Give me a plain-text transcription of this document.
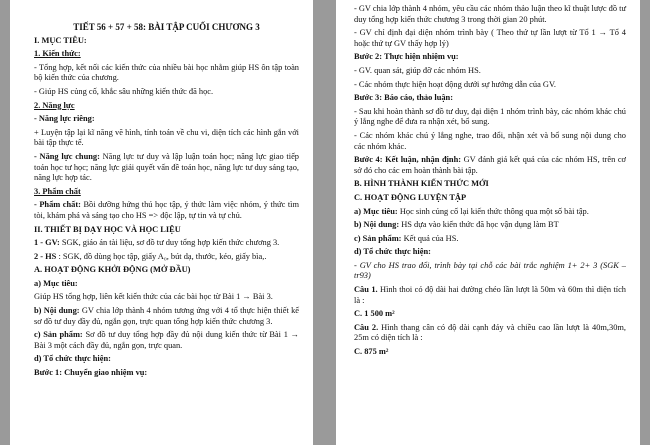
TIẾT 56 + 57 + 58: BÀI TẬP CUỐI CHƯƠNG 3
I. MỤC TIÊU:
1. Kiến thức:
- Tổng hợp, kết nối các kiến thức của nhiều bài học nhằm giúp HS ôn tập toàn bộ kiến thức của chương.
- Giúp HS củng cố, khắc sâu những kiến thức đã học.
2. Năng lực
- Năng lực riêng:
+ Luyện tập lại kĩ năng vẽ hình, tính toán về chu vi, diện tích các hình gắn với bài tập thực tế.
- Năng lực chung: Năng lực tư duy và lập luận toán học; năng lực giao tiếp toán học tư học; năng lực giải quyết vấn đề toán học, năng lực tư duy sáng tạo, năng lực hợp tác.
3. Phẩm chất
- Phẩm chất: Bồi dưỡng hứng thú học tập, ý thức làm việc nhóm, ý thức tìm tòi, khám phá và sáng tạo cho HS => độc lập, tự tin và tự chủ.
II. THIẾT BỊ DẠY HỌC VÀ HỌC LIỆU
1 - GV: SGK, giáo án tài liệu, sơ đồ tư duy tổng hợp kiến thức chương 3.
2 - HS : SGK, đồ dùng học tập, giấy A₀, bút dạ, thước, kéo, giấy bìa,.
A. HOẠT ĐỘNG KHỞI ĐỘNG (MỞ ĐẦU)
a) Mục tiêu:
Giúp HS tổng hợp, liên kết kiến thức của các bài học từ Bài 1 → Bài 3.
b) Nội dung: GV chia lớp thành 4 nhóm tương ứng với 4 tổ thực hiện thiết kế sơ đồ tư duy đầy đủ, ngắn gọn, trực quan tổng hợp kiến thức chương 3.
c) Sản phẩm: Sơ đồ tư duy tổng hợp đầy đủ nội dung kiến thức từ Bài 1 → Bài 3 một cách đầy đủ, ngắn gọn, trực quan.
d) Tổ chức thực hiện:
Bước 1: Chuyển giao nhiệm vụ:
- GV chia lớp thành 4 nhóm, yêu cầu các nhóm thảo luận theo kĩ thuật lược đồ tư duy tổng hợp kiến thức chương 3 trong thời gian 20 phút.
- GV chỉ định đại diện nhóm trình bày ( Theo thứ tự lần lượt từ Tổ 1 → Tổ 4 hoặc thứ tự GV thấy hợp lý)
Bước 2: Thực hiện nhiệm vụ:
- GV. quan sát, giúp đỡ các nhóm HS.
- Các nhóm thực hiện hoạt động dưới sự hướng dẫn của GV.
Bước 3: Báo cáo, thảo luận:
- Sau khi hoàn thành sơ đồ tư duy, đại diện 1 nhóm trình bày, các nhóm khác chú ý lắng nghe để đưa ra nhận xét, bổ sung.
- Các nhóm khác chú ý lắng nghe, trao đổi, nhận xét và bổ sung nội dung cho các nhóm khác.
Bước 4: Kết luận, nhận định: GV đánh giá kết quả của các nhóm HS, trên cơ sở đó cho các em hoàn thành bài tập.
B. HÌNH THÀNH KIẾN THỨC MỚI
C. HOẠT ĐỘNG LUYỆN TẬP
a) Mục tiêu: Học sinh củng cố lại kiến thức thông qua một số bài tập.
b) Nội dung: HS dựa vào kiến thức đã học vận dụng làm BT
c) Sản phẩm: Kết quả của HS.
d) Tổ chức thực hiện:
- GV cho HS trao đổi, trình bày tại chỗ các bài trắc nghiệm 1+ 2+ 3 (SGK –tr93)
Câu 1. Hình thoi có độ dài hai đường chéo lần lượt là 50m và 60m thì diện tích là :
C. 1 500 m²
Câu 2. Hình thang cân có độ dài cạnh đáy và chiều cao lần lượt là 40m,30m, 25m có diện tích là :
C. 875 m²
